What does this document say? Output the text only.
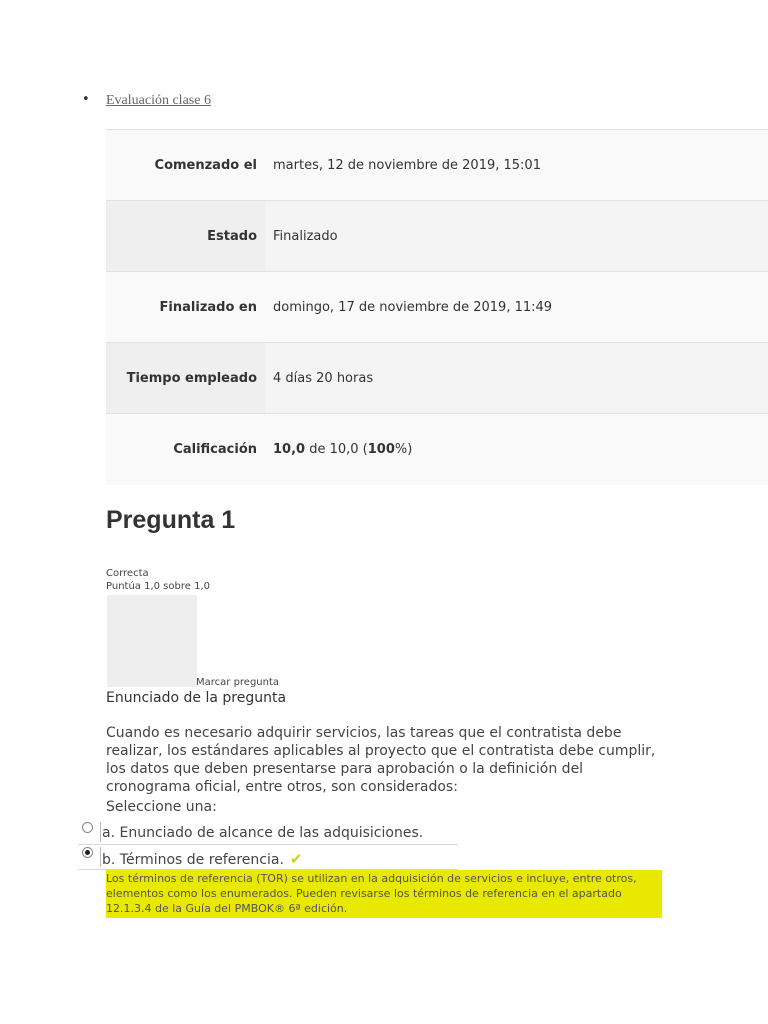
• Evaluación clase 6
Comenzado el	martes, 12 de noviembre de 2019, 15:01
Estado	Finalizado
Finalizado en	domingo, 17 de noviembre de 2019, 11:49
Tiempo empleado	4 días 20 horas
Calificación	10,0 de 10,0 (100%)
Pregunta 1
Correcta
Puntúa 1,0 sobre 1,0
Marcar pregunta
Enunciado de la pregunta
Cuando es necesario adquirir servicios, las tareas que el contratista debe realizar, los estándares aplicables al proyecto que el contratista debe cumplir, los datos que deben presentarse para aprobación o la definición del cronograma oficial, entre otros, son considerados:
Seleccione una:
a. Enunciado de alcance de las adquisiciones.
b. Términos de referencia. ✔
Los términos de referencia (TOR) se utilizan en la adquisición de servicios e incluye, entre otros, elementos como los enumerados. Pueden revisarse los términos de referencia en el apartado 12.1.3.4 de la Guía del PMBOK® 6ª edición.
